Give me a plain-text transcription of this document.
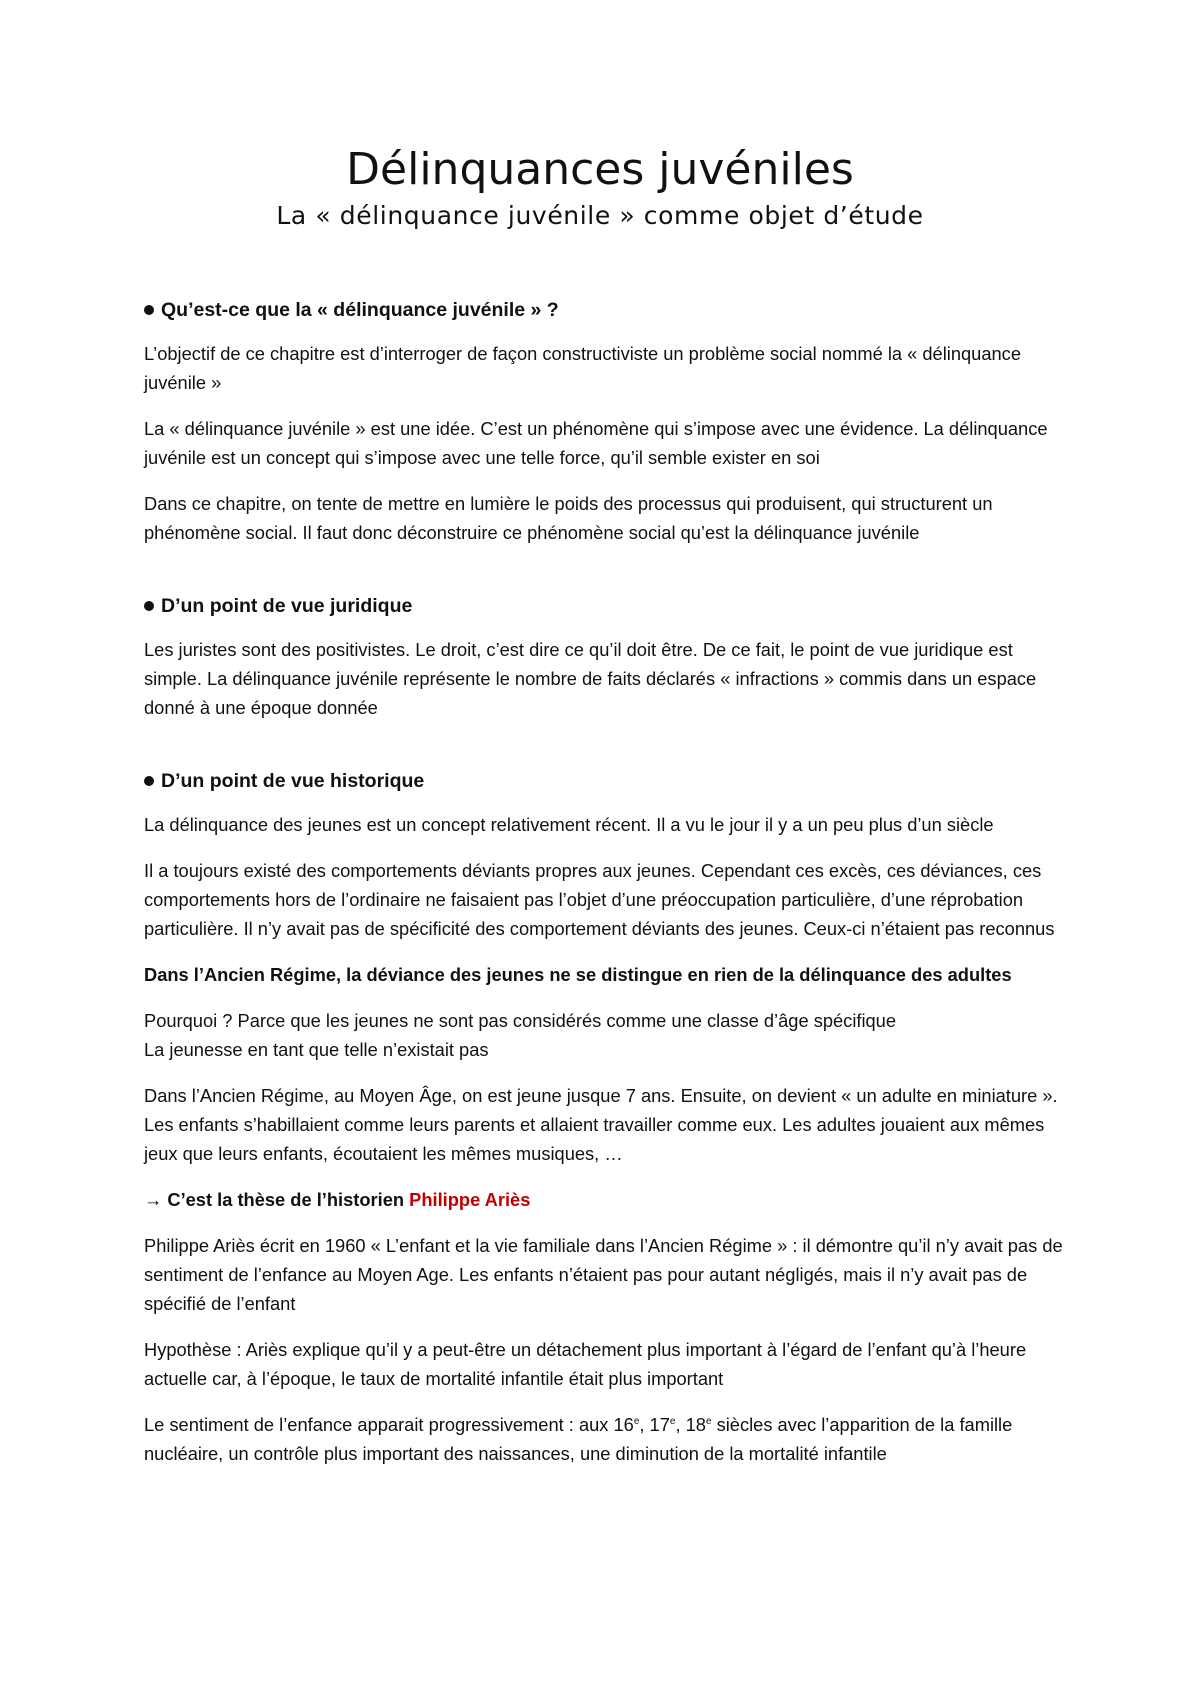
Délinquances juvéniles
La « délinquance juvénile » comme objet d’étude
Qu’est-ce que la « délinquance juvénile » ?

L’objectif de ce chapitre est d’interroger de façon constructiviste un problème social nommé la « délinquance juvénile »

La « délinquance juvénile » est une idée. C’est un phénomène qui s’impose avec une évidence. La délinquance juvénile est un concept qui s’impose avec une telle force, qu’il semble exister en soi

Dans ce chapitre, on tente de mettre en lumière le poids des processus qui produisent, qui structurent un phénomène social. Il faut donc déconstruire ce phénomène social qu’est la délinquance juvénile

D’un point de vue juridique

Les juristes sont des positivistes. Le droit, c’est dire ce qu’il doit être. De ce fait, le point de vue juridique est simple. La délinquance juvénile représente le nombre de faits déclarés « infractions » commis dans un espace donné à une époque donnée

D’un point de vue historique

La délinquance des jeunes est un concept relativement récent. Il a vu le jour il y a un peu plus d’un siècle

Il a toujours existé des comportements déviants propres aux jeunes. Cependant ces excès, ces déviances, ces comportements hors de l’ordinaire ne faisaient pas l’objet d’une préoccupation particulière, d’une réprobation particulière. Il n’y avait pas de spécificité des comportement déviants des jeunes. Ceux-ci n’étaient pas reconnus

Dans l’Ancien Régime, la déviance des jeunes ne se distingue en rien de la délinquance des adultes

Pourquoi ? Parce que les jeunes ne sont pas considérés comme une classe d’âge spécifique
La jeunesse en tant que telle n’existait pas

Dans l’Ancien Régime, au Moyen Âge, on est jeune jusque 7 ans. Ensuite, on devient « un adulte en miniature ». Les enfants s’habillaient comme leurs parents et allaient travailler comme eux. Les adultes jouaient aux mêmes jeux que leurs enfants, écoutaient les mêmes musiques, …

→ C’est la thèse de l’historien Philippe Ariès

Philippe Ariès écrit en 1960 « L’enfant et la vie familiale dans l’Ancien Régime » : il démontre qu’il n’y avait pas de sentiment de l’enfance au Moyen Age. Les enfants n’étaient pas pour autant négligés, mais il n’y avait pas de spécifié de l’enfant

Hypothèse : Ariès explique qu’il y a peut-être un détachement plus important à l’égard de l’enfant qu’à l’heure actuelle car, à l’époque, le taux de mortalité infantile était plus important

Le sentiment de l’enfance apparait progressivement : aux 16e, 17e, 18e siècles avec l’apparition de la famille nucléaire, un contrôle plus important des naissances, une diminution de la mortalité infantile
